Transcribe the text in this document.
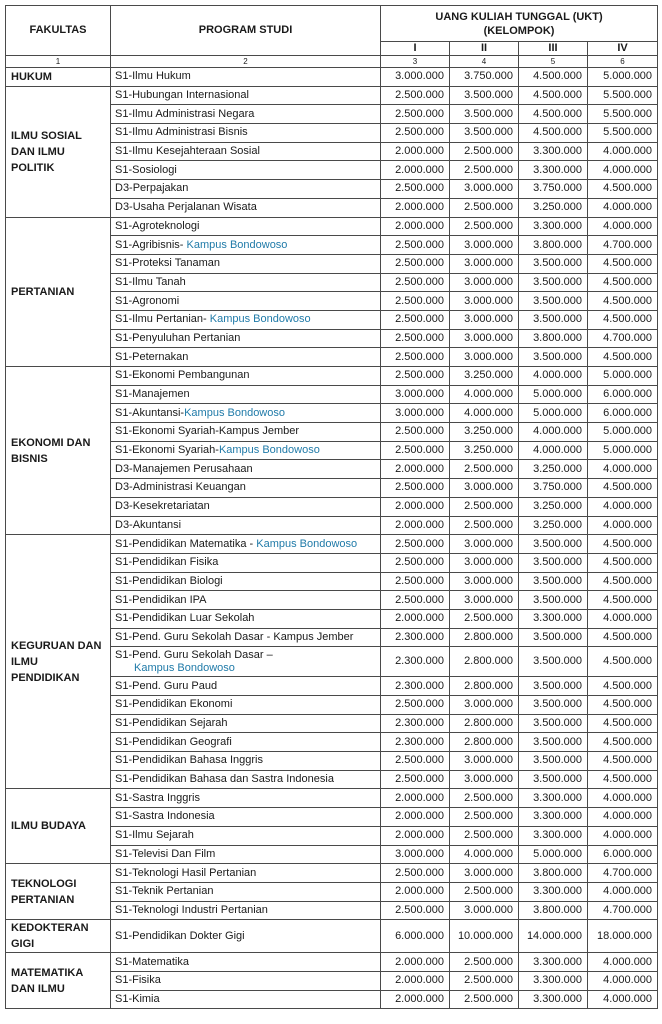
FAKULTAS	PROGRAM STUDI	UANG KULIAH TUNGGAL (UKT)
(KELOMPOK)			

		I	II	III	IV
1	2	3	4	5	6
HUKUM	S1-Ilmu Hukum	3.000.000	3.750.000	4.500.000	5.000.000
ILMU SOSIAL DAN ILMU POLITIK	S1-Hubungan Internasional	2.500.000	3.500.000	4.500.000	5.500.000
	S1-Ilmu Administrasi Negara	2.500.000	3.500.000	4.500.000	5.500.000
	S1-Ilmu Administrasi Bisnis	2.500.000	3.500.000	4.500.000	5.500.000
	S1-Ilmu Kesejahteraan Sosial	2.000.000	2.500.000	3.300.000	4.000.000
	S1-Sosiologi	2.000.000	2.500.000	3.300.000	4.000.000
	D3-Perpajakan	2.500.000	3.000.000	3.750.000	4.500.000
	D3-Usaha Perjalanan Wisata	2.000.000	2.500.000	3.250.000	4.000.000
PERTANIAN	S1-Agroteknologi	2.000.000	2.500.000	3.300.000	4.000.000
	S1-Agribisnis- Kampus Bondowoso	2.500.000	3.000.000	3.800.000	4.700.000
	S1-Proteksi Tanaman	2.500.000	3.000.000	3.500.000	4.500.000
	S1-Ilmu Tanah	2.500.000	3.000.000	3.500.000	4.500.000
	S1-Agronomi	2.500.000	3.000.000	3.500.000	4.500.000
	S1-Ilmu Pertanian- Kampus Bondowoso	2.500.000	3.000.000	3.500.000	4.500.000
	S1-Penyuluhan Pertanian	2.500.000	3.000.000	3.800.000	4.700.000
	S1-Peternakan	2.500.000	3.000.000	3.500.000	4.500.000
EKONOMI DAN BISNIS	S1-Ekonomi Pembangunan	2.500.000	3.250.000	4.000.000	5.000.000
	S1-Manajemen	3.000.000	4.000.000	5.000.000	6.000.000
	S1-Akuntansi-Kampus Bondowoso	3.000.000	4.000.000	5.000.000	6.000.000
	S1-Ekonomi Syariah-Kampus Jember	2.500.000	3.250.000	4.000.000	5.000.000
	S1-Ekonomi Syariah-Kampus Bondowoso	2.500.000	3.250.000	4.000.000	5.000.000
	D3-Manajemen Perusahaan	2.000.000	2.500.000	3.250.000	4.000.000
	D3-Administrasi Keuangan	2.500.000	3.000.000	3.750.000	4.500.000
	D3-Kesekretariatan	2.000.000	2.500.000	3.250.000	4.000.000
	D3-Akuntansi	2.000.000	2.500.000	3.250.000	4.000.000
KEGURUAN DAN ILMU PENDIDIKAN	S1-Pendidikan Matematika - Kampus Bondowoso	2.500.000	3.000.000	3.500.000	4.500.000
	S1-Pendidikan Fisika	2.500.000	3.000.000	3.500.000	4.500.000
	S1-Pendidikan Biologi	2.500.000	3.000.000	3.500.000	4.500.000
	S1-Pendidikan IPA	2.500.000	3.000.000	3.500.000	4.500.000
	S1-Pendidikan Luar Sekolah	2.000.000	2.500.000	3.300.000	4.000.000
	S1-Pend. Guru Sekolah Dasar - Kampus Jember	2.300.000	2.800.000	3.500.000	4.500.000
	S1-Pend. Guru Sekolah Dasar –
Kampus Bondowoso	2.300.000	2.800.000	3.500.000	4.500.000
	S1-Pend. Guru Paud	2.300.000	2.800.000	3.500.000	4.500.000
	S1-Pendidikan Ekonomi	2.500.000	3.000.000	3.500.000	4.500.000
	S1-Pendidikan Sejarah	2.300.000	2.800.000	3.500.000	4.500.000
	S1-Pendidikan Geografi	2.300.000	2.800.000	3.500.000	4.500.000
	S1-Pendidikan Bahasa Inggris	2.500.000	3.000.000	3.500.000	4.500.000
	S1-Pendidikan Bahasa dan Sastra Indonesia	2.500.000	3.000.000	3.500.000	4.500.000
ILMU BUDAYA	S1-Sastra Inggris	2.000.000	2.500.000	3.300.000	4.000.000
	S1-Sastra Indonesia	2.000.000	2.500.000	3.300.000	4.000.000
	S1-Ilmu Sejarah	2.000.000	2.500.000	3.300.000	4.000.000
	S1-Televisi Dan Film	3.000.000	4.000.000	5.000.000	6.000.000
TEKNOLOGI PERTANIAN	S1-Teknologi Hasil Pertanian	2.500.000	3.000.000	3.800.000	4.700.000
	S1-Teknik Pertanian	2.000.000	2.500.000	3.300.000	4.000.000
	S1-Teknologi Industri Pertanian	2.500.000	3.000.000	3.800.000	4.700.000
KEDOKTERAN GIGI	S1-Pendidikan Dokter Gigi	6.000.000	10.000.000	14.000.000	18.000.000
MATEMATIKA DAN ILMU	S1-Matematika	2.000.000	2.500.000	3.300.000	4.000.000
	S1-Fisika	2.000.000	2.500.000	3.300.000	4.000.000
	S1-Kimia	2.000.000	2.500.000	3.300.000	4.000.000
